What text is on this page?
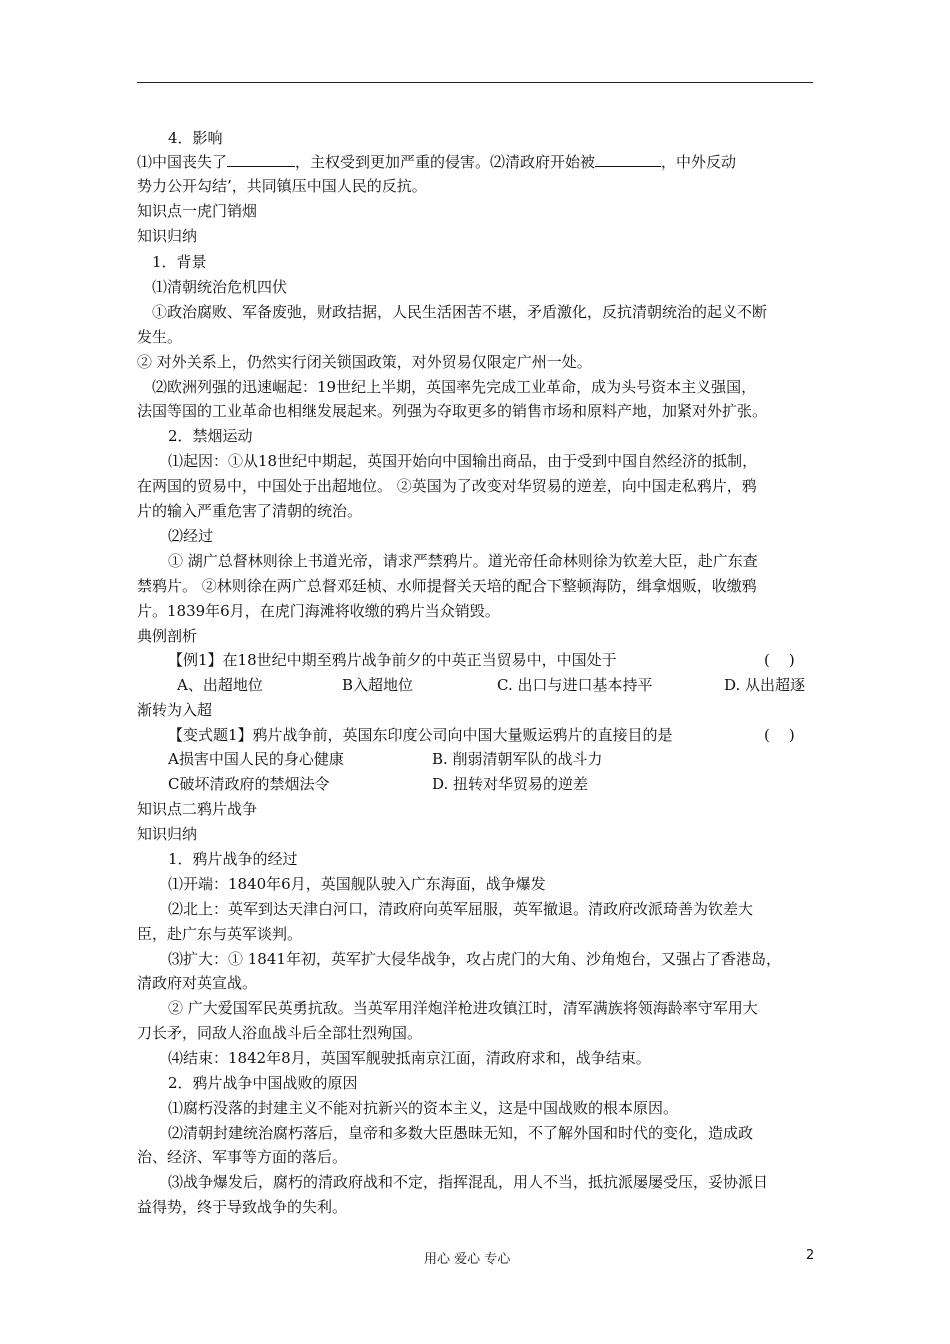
4．影响
⑴中国丧失了	，主权受到更加严重的侵害。⑵清政府开始被	，中外反动
势力公开勾结’，共同镇压中国人民的反抗。
知识点一虎门销烟
知识归纳
1．背景
⑴清朝统治危机四伏
①政治腐败、军备废弛，财政拮据，人民生活困苦不堪，矛盾激化，反抗清朝统治的起义不断
发生。
② 对外关系上，仍然实行闭关锁国政策，对外贸易仅限定广州一处。
⑵欧洲列强的迅速崛起：19世纪上半期，英国率先完成工业革命，成为头号资本主义强国，
法国等国的工业革命也相继发展起来。列强为夺取更多的销售市场和原料产地，加紧对外扩张。
2．禁烟运动
⑴起因：①从18世纪中期起，英国开始向中国输出商品，由于受到中国自然经济的抵制，
在两国的贸易中，中国处于出超地位。 ②英国为了改变对华贸易的逆差，向中国走私鸦片，鸦
片的输入严重危害了清朝的统治。
⑵经过
① 湖广总督林则徐上书道光帝，请求严禁鸦片。道光帝任命林则徐为钦差大臣，赴广东查
禁鸦片。 ②林则徐在两广总督邓廷桢、水师提督关天培的配合下整顿海防，缉拿烟贩，收缴鸦
片。1839年6月，在虎门海滩将收缴的鸦片当众销毁。
典例剖析
【例1】在18世纪中期至鸦片战争前夕的中英正当贸易中，中国处于	(    )
A、出超地位	B入超地位	C. 出口与进口基本持平	D. 从出超逐
渐转为入超
【变式题1】鸦片战争前，英国东印度公司向中国大量贩运鸦片的直接目的是	(    )
A损害中国人民的身心健康	B. 削弱清朝军队的战斗力
C破坏清政府的禁烟法令	D. 扭转对华贸易的逆差
知识点二鸦片战争
知识归纳
1．鸦片战争的经过
⑴开端：1840年6月，英国舰队驶入广东海面，战争爆发
⑵北上：英军到达天津白河口，清政府向英军屈服，英军撤退。清政府改派琦善为钦差大
臣，赴广东与英军谈判。
⑶扩大：① 1841年初，英军扩大侵华战争，攻占虎门的大角、沙角炮台，又强占了香港岛，
清政府对英宣战。
② 广大爱国军民英勇抗敌。当英军用洋炮洋枪进攻镇江时，清军满族将领海龄率守军用大
刀长矛，同敌人浴血战斗后全部壮烈殉国。
⑷结束：1842年8月，英国军舰驶抵南京江面，清政府求和，战争结束。
2．鸦片战争中国战败的原因
⑴腐朽没落的封建主义不能对抗新兴的资本主义，这是中国战败的根本原因。
⑵清朝封建统治腐朽落后，皇帝和多数大臣愚昧无知，不了解外国和时代的变化，造成政
治、经济、军事等方面的落后。
⑶战争爆发后，腐朽的清政府战和不定，指挥混乱，用人不当，抵抗派屡屡受压，妥协派日
益得势，终于导致战争的失利。
用心 爱心 专心	2
